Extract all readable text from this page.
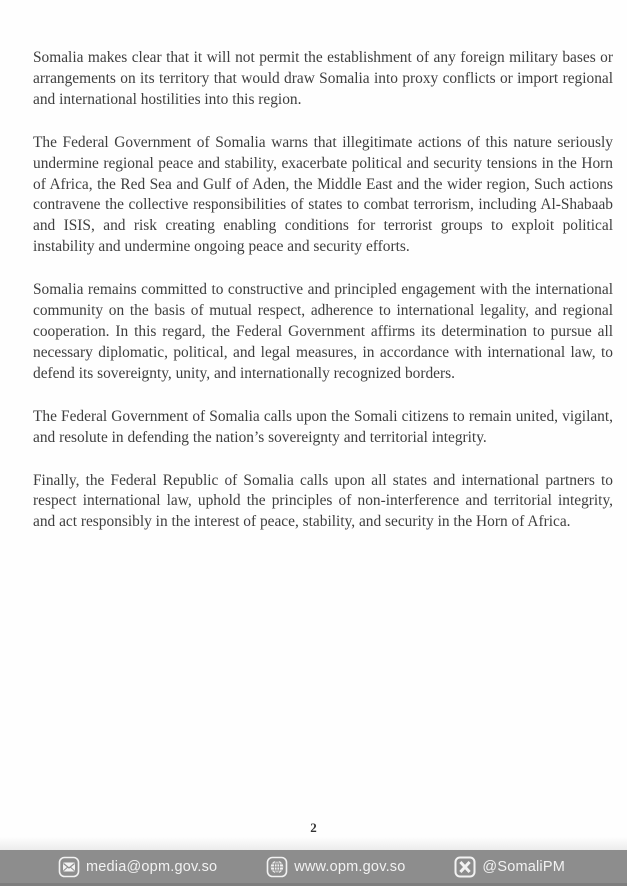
Somalia makes clear that it will not permit the establishment of any foreign military bases or arrangements on its territory that would draw Somalia into proxy conflicts or import regional and international hostilities into this region.

The Federal Government of Somalia warns that illegitimate actions of this nature seriously undermine regional peace and stability, exacerbate political and security tensions in the Horn of Africa, the Red Sea and Gulf of Aden, the Middle East and the wider region, Such actions contravene the collective responsibilities of states to combat terrorism, including Al-Shabaab and ISIS, and risk creating enabling conditions for terrorist groups to exploit political instability and undermine ongoing peace and security efforts.

Somalia remains committed to constructive and principled engagement with the international community on the basis of mutual respect, adherence to international legality, and regional cooperation. In this regard, the Federal Government affirms its determination to pursue all necessary diplomatic, political, and legal measures, in accordance with international law, to defend its sovereignty, unity, and internationally recognized borders.

The Federal Government of Somalia calls upon the Somali citizens to remain united, vigilant, and resolute in defending the nation’s sovereignty and territorial integrity.

Finally, the Federal Republic of Somalia calls upon all states and international partners to respect international law, uphold the principles of non-interference and territorial integrity, and act responsibly in the interest of peace, stability, and security in the Horn of Africa.

2
media@opm.gov.so	www.opm.gov.so	@SomaliPM
